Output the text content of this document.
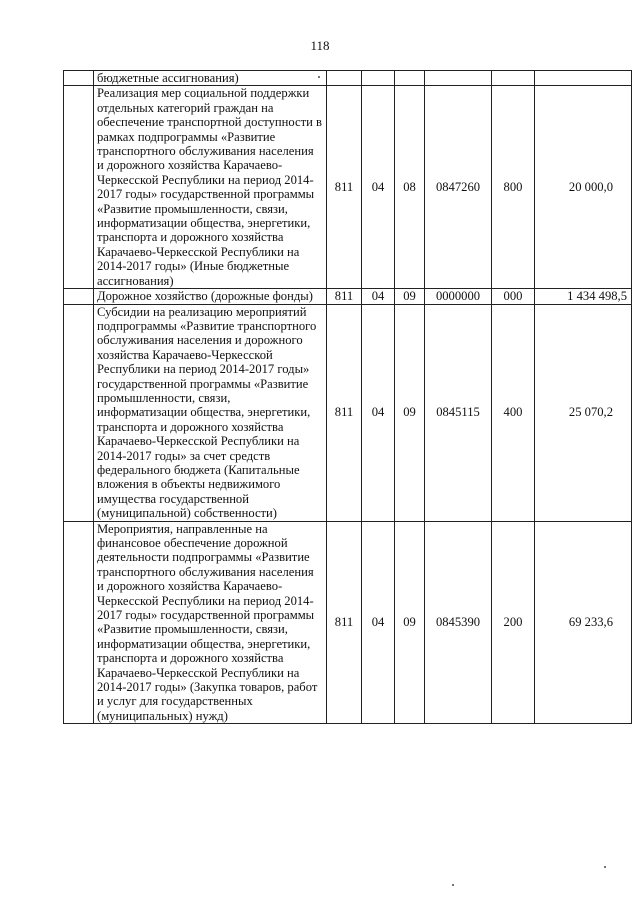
118
	бюджетные ассигнования)						
	Реализация мер социальной поддержки отдельных категорий граждан на обеспечение транспортной доступности в рамках подпрограммы «Развитие транспортного обслуживания населения и дорожного хозяйства Карачаево-Черкесской Республики на период 2014-2017 годы» государственной программы «Развитие промышленности, связи, информатизации общества, энергетики, транспорта и дорожного хозяйства Карачаево-Черкесской Республики на 2014-2017 годы» (Иные бюджетные ассигнования)	811	04	08	0847260	800	20 000,0
	Дорожное хозяйство (дорожные фонды)	811	04	09	0000000	000	1 434 498,5
	Субсидии на реализацию мероприятий подпрограммы «Развитие транспортного обслуживания населения и дорожного хозяйства Карачаево-Черкесской Республики на период 2014-2017 годы» государственной программы «Развитие промышленности, связи, информатизации общества, энергетики, транспорта и дорожного хозяйства Карачаево-Черкесской Республики на 2014-2017 годы» за счет средств федерального бюджета (Капитальные вложения в объекты недвижимого имущества государственной (муниципальной) собственности)	811	04	09	0845115	400	25 070,2
	Мероприятия, направленные на финансовое обеспечение дорожной деятельности подпрограммы «Развитие транспортного обслуживания населения и дорожного хозяйства Карачаево-Черкесской Республики на период 2014-2017 годы» государственной программы «Развитие промышленности, связи, информатизации общества, энергетики, транспорта и дорожного хозяйства Карачаево-Черкесской Республики на 2014-2017 годы» (Закупка товаров, работ и услуг для государственных (муниципальных) нужд)	811	04	09	0845390	200	69 233,6
